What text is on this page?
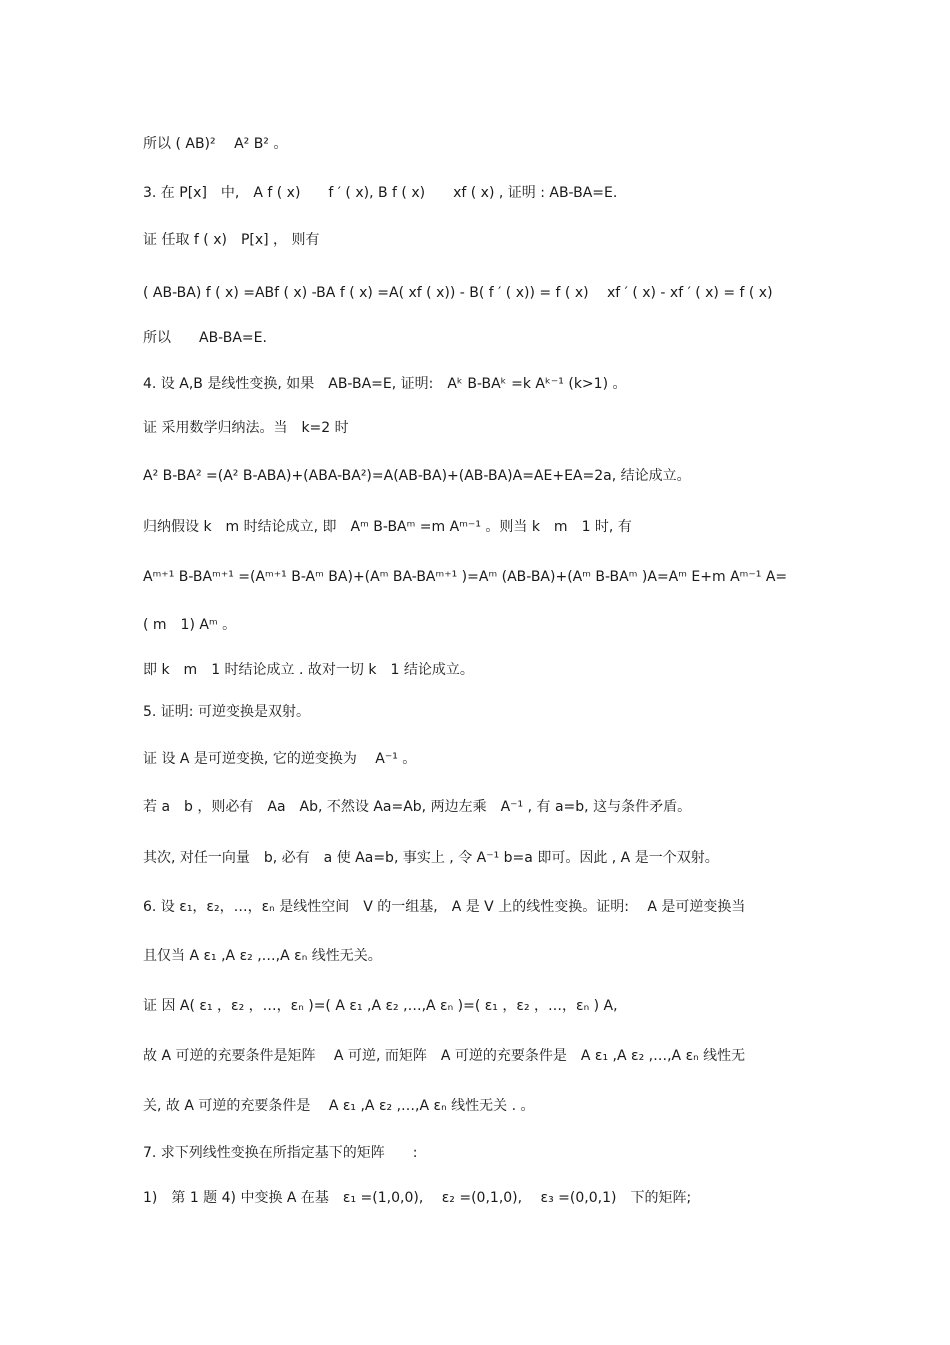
所以 ( AB)²　 A² B² 。
3. 在 P[x]　中,　A f ( x)　　f ′ ( x), B f ( x)　　xf ( x) , 证明 : AB-BA=E.
证 任取 f ( x)　P[x] ， 则有
( AB-BA) f ( x) =ABf ( x) -BA f ( x) =A( xf ( x)) - B( f ′ ( x)) = f ( x)　 xf ′ ( x) - xf ′ ( x) = f ( x)
所以　　AB-BA=E.
4. 设 A,B 是线性变换, 如果　AB-BA=E, 证明:　Aᵏ B-BAᵏ =k Aᵏ⁻¹ (k>1) 。
证 采用数学归纳法。当　k=2 时
A² B-BA² =(A² B-ABA)+(ABA-BA²)=A(AB-BA)+(AB-BA)A=AE+EA=2a, 结论成立。
归纳假设 k　m 时结论成立, 即　Aᵐ B-BAᵐ =m Aᵐ⁻¹ 。则当 k　m　1 时, 有
Aᵐ⁺¹ B-BAᵐ⁺¹ =(Aᵐ⁺¹ B-Aᵐ BA)+(Aᵐ BA-BAᵐ⁺¹ )=Aᵐ (AB-BA)+(Aᵐ B-BAᵐ )A=Aᵐ E+m Aᵐ⁻¹ A=
( m　1) Aᵐ 。
即 k　m　1 时结论成立 . 故对一切 k　1 结论成立。
5. 证明: 可逆变换是双射。
证 设 A 是可逆变换, 它的逆变换为　 A⁻¹ 。
若 a　b ，则必有　Aa　Ab, 不然设 Aa=Ab, 两边左乘　A⁻¹ , 有 a=b, 这与条件矛盾。
其次, 对任一向量　b, 必有　a 使 Aa=b, 事实上 , 令 A⁻¹ b=a 即可。因此 , A 是一个双射。
6. 设 ε₁，ε₂，…，εₙ 是线性空间　V 的一组基,　A 是 V 上的线性变换。证明:　 A 是可逆变换当
且仅当 A ε₁ ,A ε₂ ,…,A εₙ 线性无关。
证 因 A( ε₁ ，ε₂ ，…，εₙ )=( A ε₁ ,A ε₂ ,…,A εₙ )=( ε₁ ，ε₂ ，…，εₙ ) A,
故 A 可逆的充要条件是矩阵　 A 可逆, 而矩阵　A 可逆的充要条件是　A ε₁ ,A ε₂ ,…,A εₙ 线性无
关, 故 A 可逆的充要条件是　 A ε₁ ,A ε₂ ,…,A εₙ 线性无关 . 。
7. 求下列线性变换在所指定基下的矩阵　　:
1)　第 1 题 4) 中变换 A 在基　ε₁ =(1,0,0),　 ε₂ =(0,1,0),　 ε₃ =(0,0,1)　下的矩阵;
